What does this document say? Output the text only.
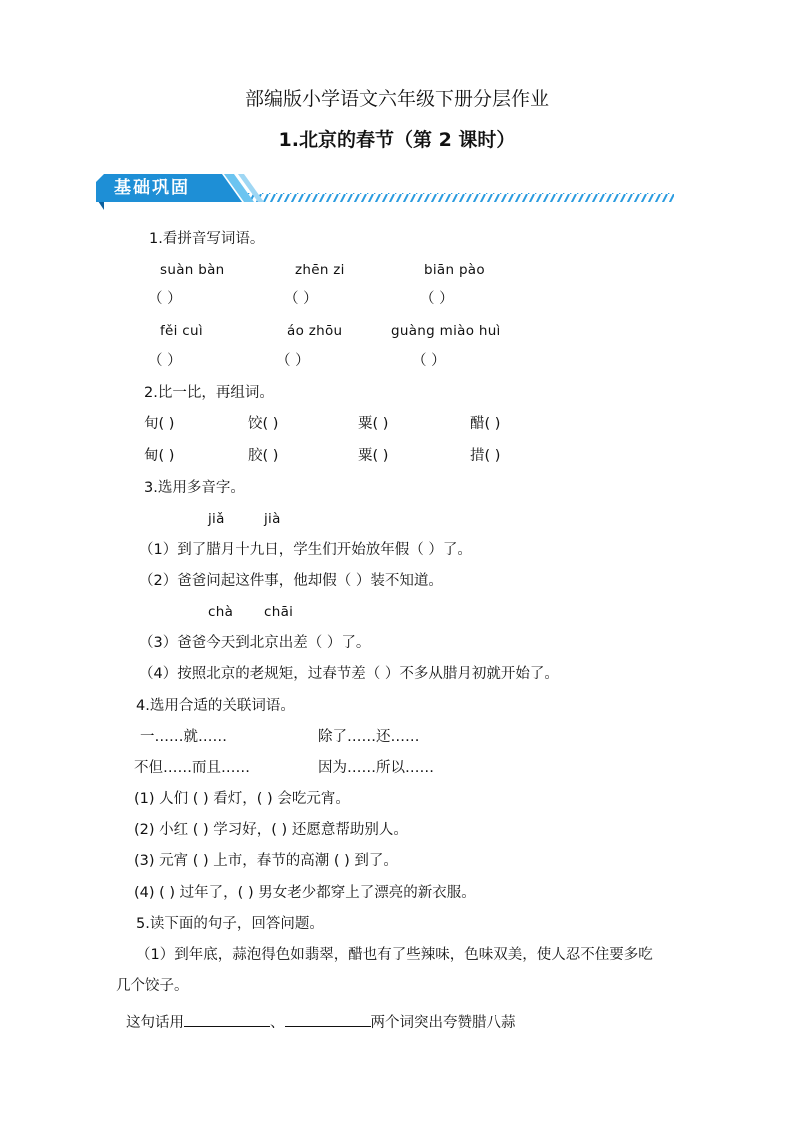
部编版小学语文六年级下册分层作业
1.北京的春节（第 2 课时）
基础巩固
1.看拼音写词语。
suàn bàn	zhēn zi	biān pào
（ ）	（ ）	（ ）
fěi cuì	áo zhōu	guàng miào huì
（ ）	（ ）	（ ）
2.比一比，再组词。
旬( )	饺( )	粟( )	醋( )
甸( )	胶( )	粟( )	措( )
3.选用多音字。
jiǎ	jià
（1）到了腊月十九日，学生们开始放年假（ ）了。
（2）爸爸问起这件事，他却假（ ）装不知道。
chà chāi
（3）爸爸今天到北京出差（ ）了。
（4）按照北京的老规矩，过春节差（ ）不多从腊月初就开始了。
4.选用合适的关联词语。
一……就……	除了……还……
不但……而且……	因为……所以……
(1) 人们 ( ) 看灯，( ) 会吃元宵。
(2) 小红 ( ) 学习好，( ) 还愿意帮助别人。
(3) 元宵 ( ) 上市，春节的高潮 ( ) 到了。
(4) ( ) 过年了，( ) 男女老少都穿上了漂亮的新衣服。
5.读下面的句子，回答问题。
（1）到年底，蒜泡得色如翡翠，醋也有了些辣味，色味双美，使人忍不住要多吃
几个饺子。
这句话用	、	两个词突出夸赞腊八蒜
